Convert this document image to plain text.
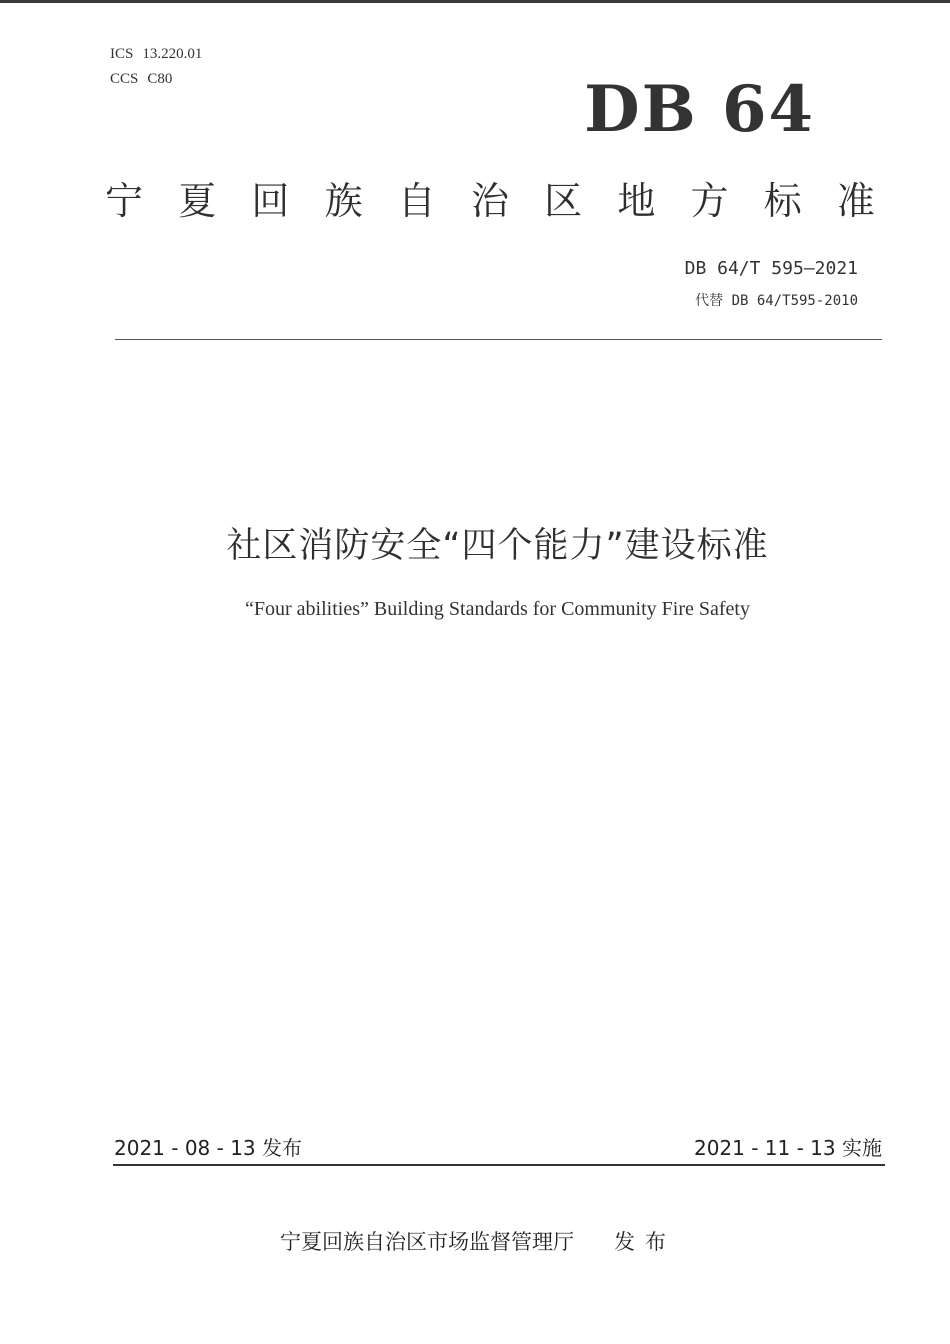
ICS 13.220.01
CCS C80	DB 64
宁 夏 回 族 自 治 区 地 方 标 准
DB 64/T 595—2021
代替 DB 64/T595-2010
社区消防安全“四个能力”建设标准
“Four abilities” Building Standards for Community Fire Safety
2021 - 08 - 13 发布	2021 - 11 - 13 实施
宁夏回族自治区市场监督管理厅 发布
